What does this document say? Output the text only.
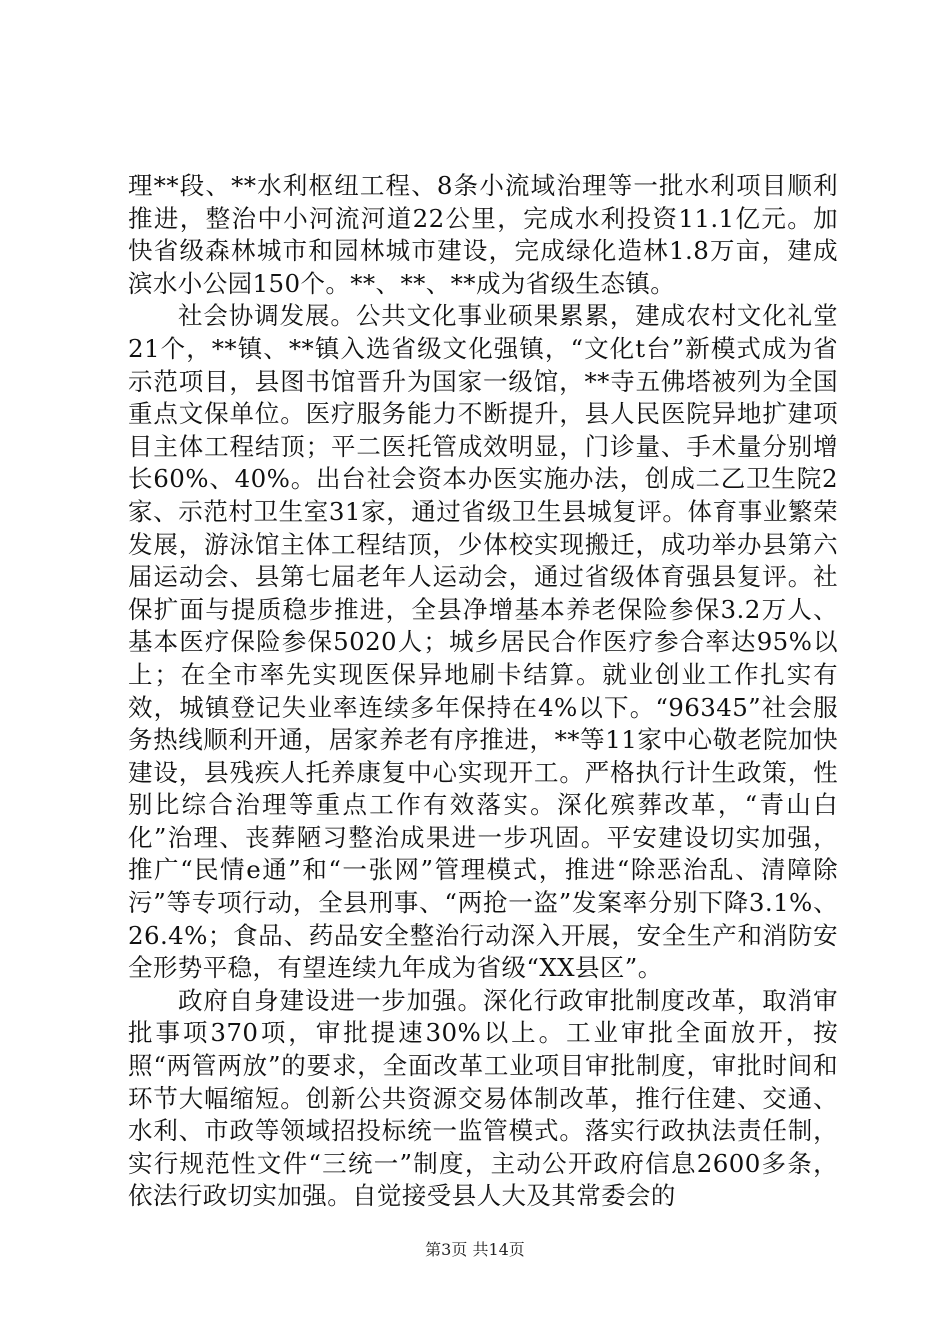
理**段、**水利枢纽工程、8条小流域治理等一批水利项目顺利推进，整治中小河流河道22公里，完成水利投资11.1亿元。加快省级森林城市和园林城市建设，完成绿化造林1.8万亩，建成滨水小公园150个。**、**、**成为省级生态镇。

社会协调发展。公共文化事业硕果累累，建成农村文化礼堂21个，**镇、**镇入选省级文化强镇，“文化t台”新模式成为省示范项目，县图书馆晋升为国家一级馆，**寺五佛塔被列为全国重点文保单位。医疗服务能力不断提升，县人民医院异地扩建项目主体工程结顶；平二医托管成效明显，门诊量、手术量分别增长60%、40%。出台社会资本办医实施办法，创成二乙卫生院2家、示范村卫生室31家，通过省级卫生县城复评。体育事业繁荣发展，游泳馆主体工程结顶，少体校实现搬迁，成功举办县第六届运动会、县第七届老年人运动会，通过省级体育强县复评。社保扩面与提质稳步推进，全县净增基本养老保险参保3.2万人、基本医疗保险参保5020人；城乡居民合作医疗参合率达95%以上；在全市率先实现医保异地刷卡结算。就业创业工作扎实有效，城镇登记失业率连续多年保持在4%以下。“96345”社会服务热线顺利开通，居家养老有序推进，**等11家中心敬老院加快建设，县残疾人托养康复中心实现开工。严格执行计生政策，性别比综合治理等重点工作有效落实。深化殡葬改革，“青山白化”治理、丧葬陋习整治成果进一步巩固。平安建设切实加强，推广“民情e通”和“一张网”管理模式，推进“除恶治乱、清障除污”等专项行动，全县刑事、“两抢一盗”发案率分别下降3.1%、26.4%；食品、药品安全整治行动深入开展，安全生产和消防安全形势平稳，有望连续九年成为省级“XX县区”。

政府自身建设进一步加强。深化行政审批制度改革，取消审批事项370项，审批提速30%以上。工业审批全面放开，按照“两管两放”的要求，全面改革工业项目审批制度，审批时间和环节大幅缩短。创新公共资源交易体制改革，推行住建、交通、水利、市政等领域招投标统一监管模式。落实行政执法责任制，实行规范性文件“三统一”制度，主动公开政府信息2600多条，依法行政切实加强。自觉接受县人大及其常委会的

第3页 共14页
